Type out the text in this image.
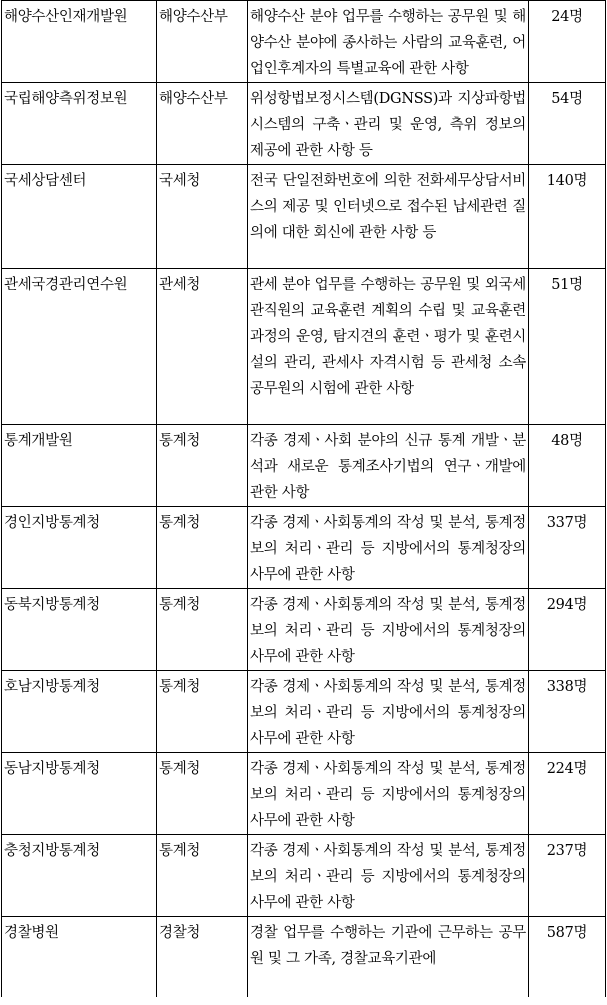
해양수산인재개발원	해양수산부	해양수산 분야 업무를 수행하는 공무원 및 해양수산 분야에 종사하는 사람의 교육훈련, 어업인후계자의 특별교육에 관한 사항	24명
국립해양측위정보원	해양수산부	위성항법보정시스템(DGNSS)과 지상파항법시스템의 구축ㆍ관리 및 운영, 측위 정보의 제공에 관한 사항 등	54명
국세상담센터	국세청	전국 단일전화번호에 의한 전화세무상담서비스의 제공 및 인터넷으로 접수된 납세관련 질의에 대한 회신에 관한 사항 등	140명
관세국경관리연수원	관세청	관세 분야 업무를 수행하는 공무원 및 외국세관직원의 교육훈련 계획의 수립 및 교육훈련 과정의 운영, 탐지견의 훈련ㆍ평가 및 훈련시설의 관리, 관세사 자격시험 등 관세청 소속 공무원의 시험에 관한 사항	51명
통계개발원	통계청	각종 경제ㆍ사회 분야의 신규 통계 개발ㆍ분석과 새로운 통계조사기법의 연구ㆍ개발에 관한 사항	48명
경인지방통계청	통계청	각종 경제ㆍ사회통계의 작성 및 분석, 통계정보의 처리ㆍ관리 등 지방에서의 통계청장의 사무에 관한 사항	337명
동북지방통계청	통계청	각종 경제ㆍ사회통계의 작성 및 분석, 통계정보의 처리ㆍ관리 등 지방에서의 통계청장의 사무에 관한 사항	294명
호남지방통계청	통계청	각종 경제ㆍ사회통계의 작성 및 분석, 통계정보의 처리ㆍ관리 등 지방에서의 통계청장의 사무에 관한 사항	338명
동남지방통계청	통계청	각종 경제ㆍ사회통계의 작성 및 분석, 통계정보의 처리ㆍ관리 등 지방에서의 통계청장의 사무에 관한 사항	224명
충청지방통계청	통계청	각종 경제ㆍ사회통계의 작성 및 분석, 통계정보의 처리ㆍ관리 등 지방에서의 통계청장의 사무에 관한 사항	237명
경찰병원	경찰청	경찰 업무를 수행하는 기관에 근무하는 공무원 및 그 가족, 경찰교육기관에	587명
